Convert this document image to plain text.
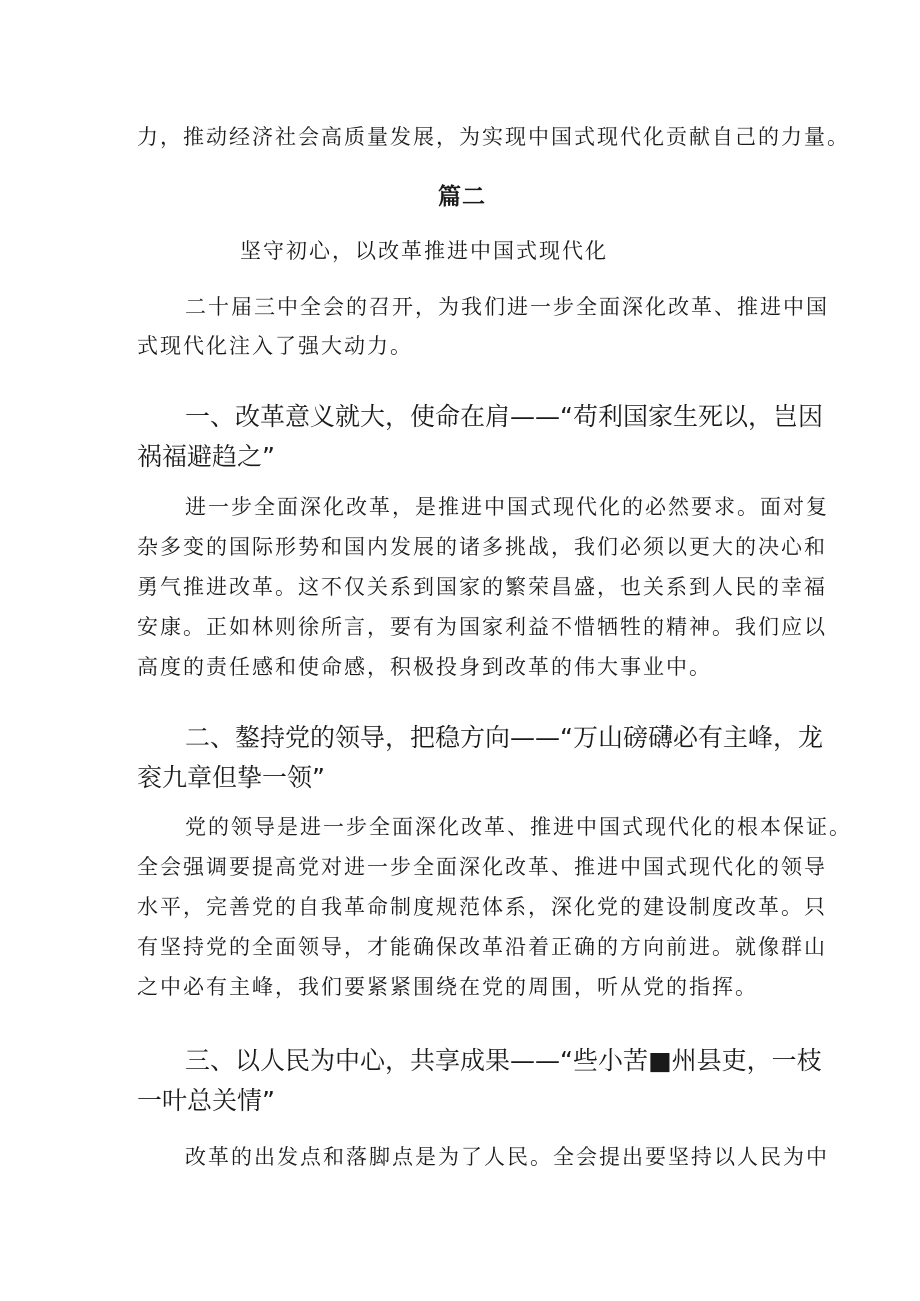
力，推动经济社会高质量发展，为实现中国式现代化贡献自己的力量。
篇二
坚守初心，以改革推进中国式现代化
二十届三中全会的召开，为我们进一步全面深化改革、推进中国
式现代化注入了强大动力。
一、改革意义就大，使命在肩——“苟利国家生死以，岂因
祸福避趋之”
进一步全面深化改革，是推进中国式现代化的必然要求。面对复
杂多变的国际形势和国内发展的诸多挑战，我们必须以更大的决心和
勇气推进改革。这不仅关系到国家的繁荣昌盛，也关系到人民的幸福
安康。正如林则徐所言，要有为国家利益不惜牺牲的精神。我们应以
高度的责任感和使命感，积极投身到改革的伟大事业中。
二、鏊持党的领导，把稳方向——“万山磅礴必有主峰，龙
衮九章但挚一领”
党的领导是进一步全面深化改革、推进中国式现代化的根本保证。
全会强调要提高党对进一步全面深化改革、推进中国式现代化的领导
水平，完善党的自我革命制度规范体系，深化党的建设制度改革。只
有坚持党的全面领导，才能确保改革沿着正确的方向前进。就像群山
之中必有主峰，我们要紧紧围绕在党的周围，听从党的指挥。
三、以人民为中心，共享成果——“些小苦■州县吏，一枝
一叶总关情”
改革的出发点和落脚点是为了人民。全会提出要坚持以人民为中
